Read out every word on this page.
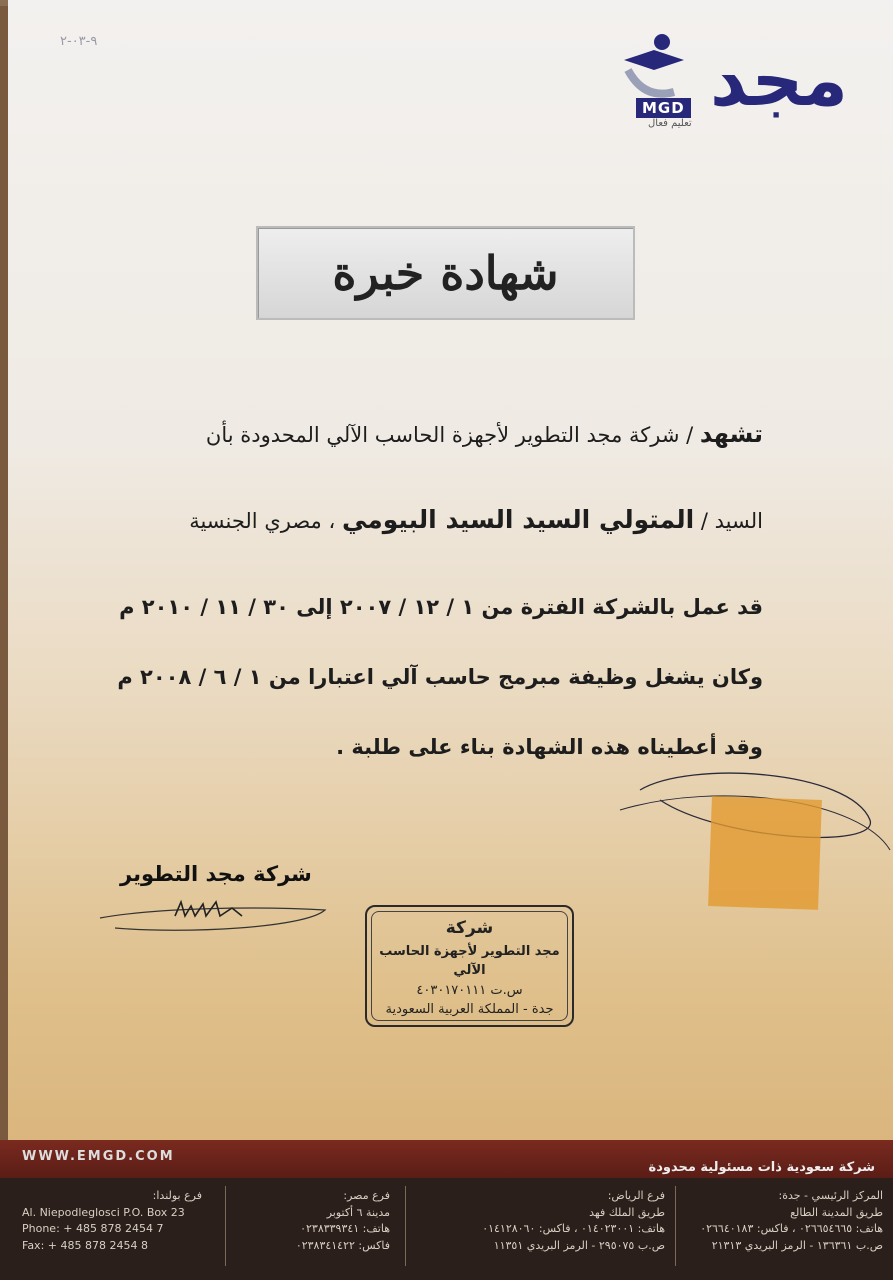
٩-٠٣-٢	مجد
MGD
تعليم فعال
شهادة خبرة
تشهد / شركة مجد التطوير لأجهزة الحاسب الآلي المحدودة بأن
السيد / المتولي السيد السيد البيومي ، مصري الجنسية
قد عمل بالشركة الفترة من ١ / ١٢ / ٢٠٠٧ إلى ٣٠ / ١١ / ٢٠١٠ م
وكان يشغل وظيفة مبرمج حاسب آلي اعتبارا من ١ / ٦ / ٢٠٠٨ م
وقد أعطيناه هذه الشهادة بناء على طلبة .
شركة مجد التطوير
شركة
مجد التطوير لأجهزة الحاسب الآلي
س.ت ٤٠٣٠١٧٠١١١
جدة - المملكة العربية السعودية
WWW.EMGD.COM
شركة سعودية ذات مسئولية محدودة
فرع بولندا:
Al. Niepodleglosci P.O. Box 23
Phone: + 485 878 2454 7
Fax: + 485 878 2454 8
فرع مصر:
مدينة ٦ أكتوبر
هاتف: ٠٢٣٨٣٣٩٣٤١
فاكس: ٠٢٣٨٣٤١٤٢٢
فرع الرياض:
طريق الملك فهد
هاتف: ٠١٤٠٢٣٠٠١ ، فاكس: ٠١٤١٢٨٠٦٠
ص.ب ٢٩٥٠٧٥ - الرمز البريدي ١١٣٥١
المركز الرئيسي - جدة:
طريق المدينة الطالع
هاتف: ٠٢٦٦٥٤٦٦٥ ، فاكس: ٠٢٦٦٤٠١٨٣
ص.ب ١٣٦٣٦١ - الرمز البريدي ٢١٣١٣
